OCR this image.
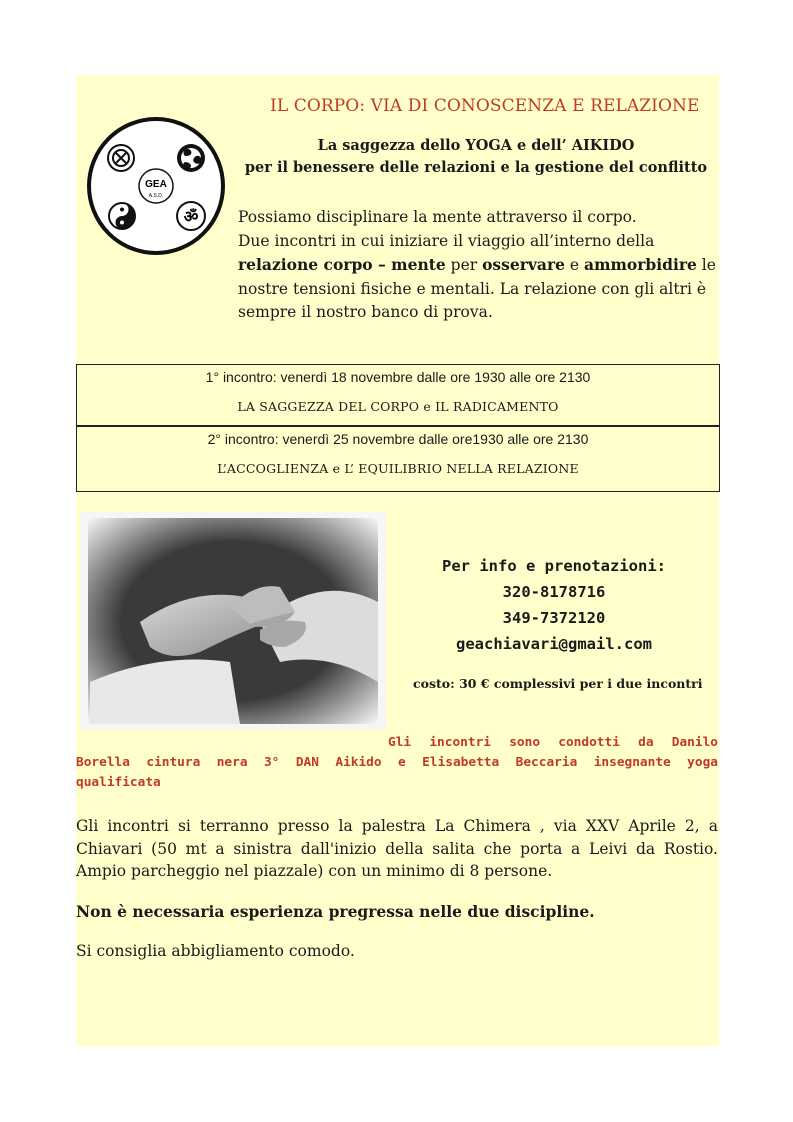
IL CORPO: VIA DI CONOSCENZA E RELAZIONE
La saggezza dello YOGA e dell’ AIKIDO
per il benessere delle relazioni e la gestione del conflitto
GEA
A.S.D.
ॐ	Possiamo disciplinare la mente attraverso il corpo.
Due incontri in cui iniziare il viaggio all’interno della
relazione corpo – mente per osservare e ammorbidire le nostre tensioni fisiche e mentali. La relazione con gli altri è sempre il nostro banco di prova.
1° incontro: venerdì 18 novembre dalle ore 1930 alle ore 2130
LA SAGGEZZA DEL CORPO e IL RADICAMENTO
2° incontro: venerdì 25 novembre dalle ore1930 alle ore 2130
L’ACCOGLIENZA e L’ EQUILIBRIO NELLA RELAZIONE
Per info e prenotazioni:
320-8178716
349-7372120
geachiavari@gmail.com
costo: 30 € complessivi per i due incontri
Gli incontri sono condotti da Danilo Borella cintura nera 3° DAN Aikido e Elisabetta Beccaria insegnante yoga qualificata
Gli incontri si terranno presso la palestra La Chimera , via XXV Aprile 2, a Chiavari (50 mt a sinistra dall'inizio della salita che porta a Leivi da Rostio. Ampio parcheggio nel piazzale) con un minimo di 8 persone.
Non è necessaria esperienza pregressa nelle due discipline.
Si consiglia abbigliamento comodo.
